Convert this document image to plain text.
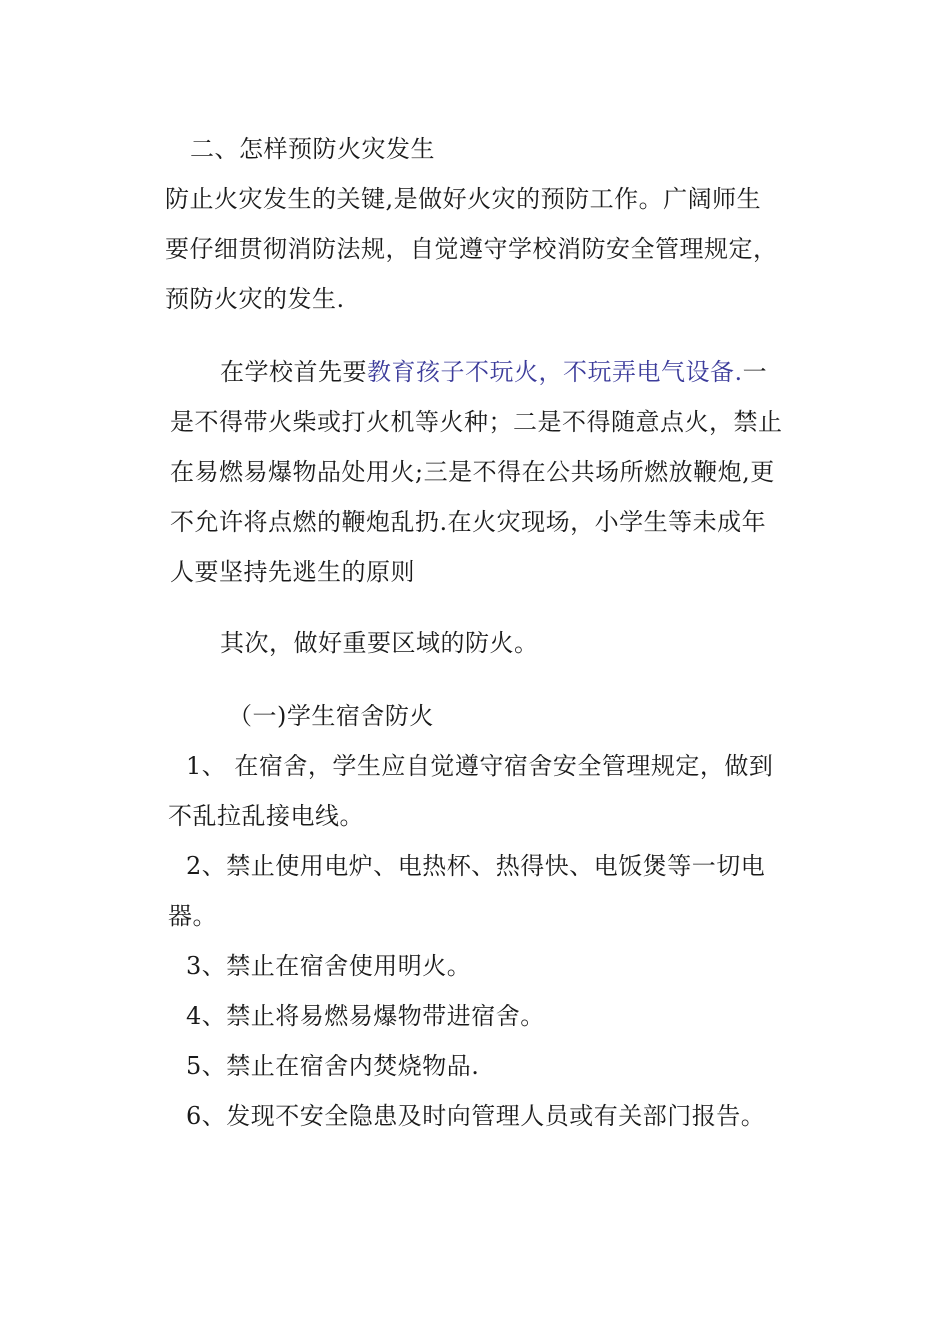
二、怎样预防火灾发生
防止火灾发生的关键,是做好火灾的预防工作。广阔师生
要仔细贯彻消防法规，自觉遵守学校消防安全管理规定，
预防火灾的发生.
在学校首先要教育孩子不玩火，不玩弄电气设备.一
是不得带火柴或打火机等火种；二是不得随意点火，禁止
在易燃易爆物品处用火;三是不得在公共场所燃放鞭炮,更
不允许将点燃的鞭炮乱扔.在火灾现场，小学生等未成年
人要坚持先逃生的原则
其次，做好重要区域的防火。
（一)学生宿舍防火
1、 在宿舍，学生应自觉遵守宿舍安全管理规定，做到
不乱拉乱接电线。
2、禁止使用电炉、电热杯、热得快、电饭煲等一切电
器。
3、禁止在宿舍使用明火。
4、禁止将易燃易爆物带进宿舍。
5、禁止在宿舍内焚烧物品.
6、发现不安全隐患及时向管理人员或有关部门报告。
